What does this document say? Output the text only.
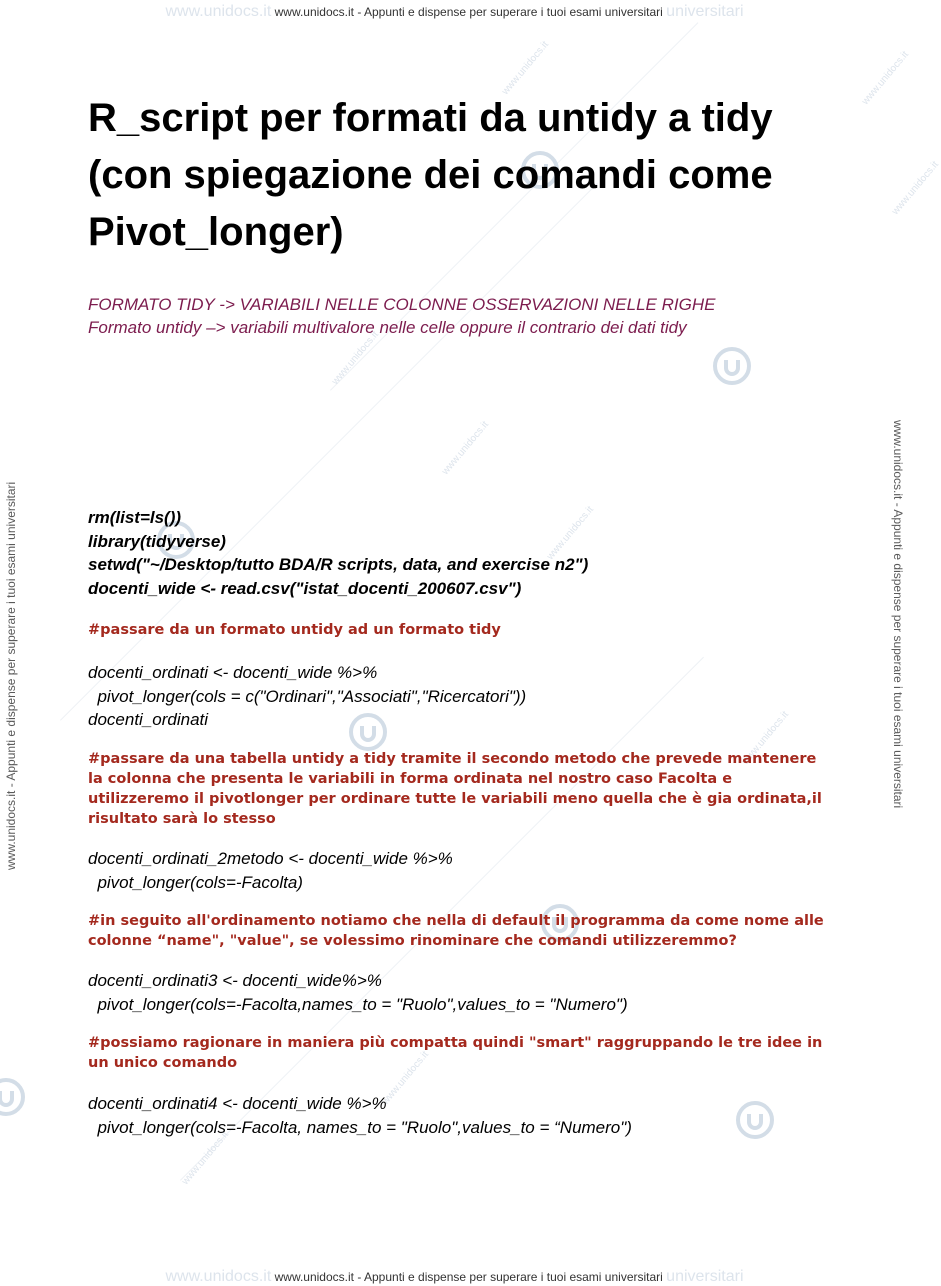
www.unidocs.it
www.unidocs.it
www.unidocs.it
www.unidocs.it
www.unidocs.it
www.unidocs.it
www.unidocs.it
www.unidocs.it
www.unidocs.it
www.unidocs.it www.unidocs.it - Appunti e dispense per superare i tuoi esami universitari universitari
www.unidocs.it www.unidocs.it - Appunti e dispense per superare i tuoi esami universitari universitari
www.unidocs.it - Appunti e dispense per superare i tuoi esami universitari	www.unidocs.it - Appunti e dispense per superare i tuoi esami universitari
R_script per formati da untidy a tidy (con spiegazione dei comandi come Pivot_longer)
FORMATO TIDY -> VARIABILI NELLE COLONNE OSSERVAZIONI NELLE RIGHE
Formato untidy –> variabili multivalore nelle celle oppure il contrario dei dati tidy
rm(list=ls())
library(tidyverse)
setwd("~/Desktop/tutto BDA/R scripts, data, and exercise n2")
docenti_wide <- read.csv("istat_docenti_200607.csv")
#passare da un formato untidy ad un formato tidy
docenti_ordinati <- docenti_wide %>%
pivot_longer(cols = c("Ordinari","Associati","Ricercatori"))
docenti_ordinati
#passare da una tabella untidy a tidy tramite il secondo metodo che prevede mantenere la colonna che presenta le variabili in forma ordinata nel nostro caso Facolta e utilizzeremo il pivotlonger per ordinare tutte le variabili meno quella che è gia ordinata,il risultato sarà lo stesso
docenti_ordinati_2metodo <- docenti_wide %>%
pivot_longer(cols=-Facolta)
#in seguito all'ordinamento notiamo che nella di default il programma da come nome alle colonne “name", "value", se volessimo rinominare che comandi utilizzeremmo?
docenti_ordinati3 <- docenti_wide%>%
pivot_longer(cols=-Facolta,names_to = "Ruolo",values_to = "Numero")
#possiamo ragionare in maniera più compatta quindi "smart" raggruppando le tre idee in un unico comando
docenti_ordinati4 <- docenti_wide %>%
pivot_longer(cols=-Facolta, names_to = "Ruolo",values_to = “Numero")
